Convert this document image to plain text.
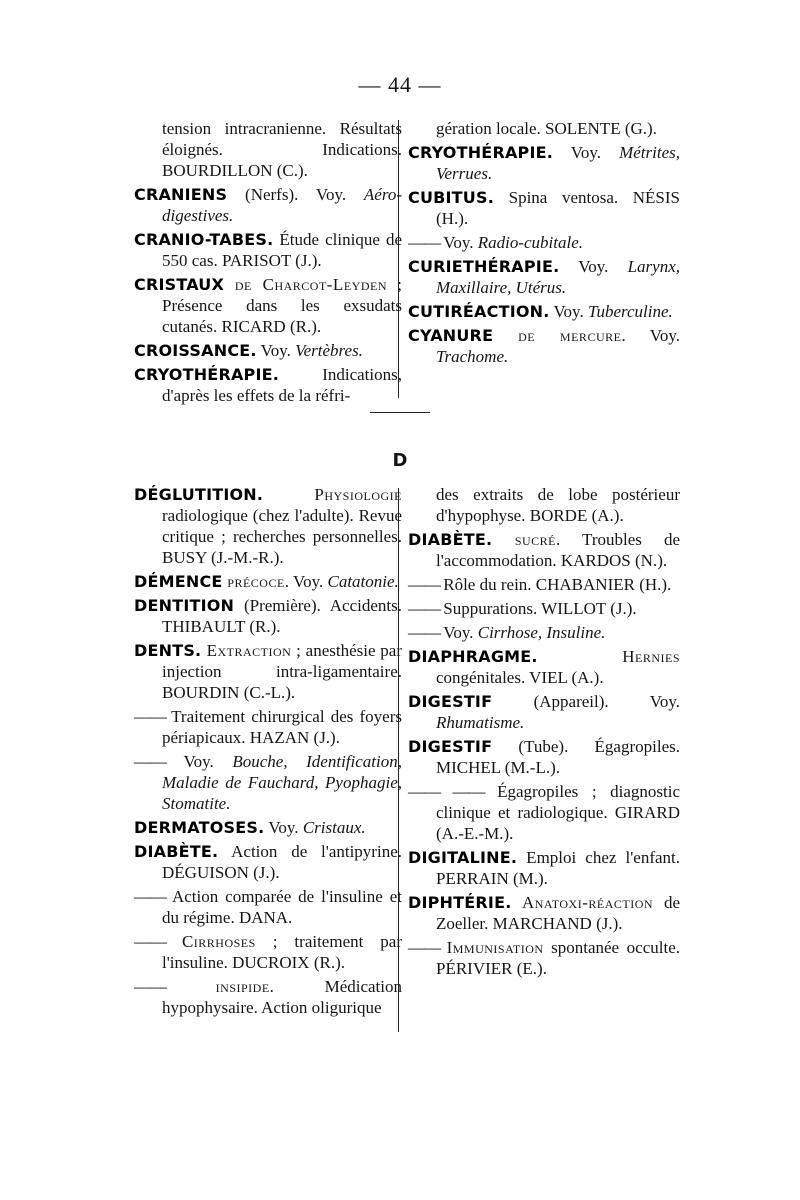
— 44 —

tension intracranienne. Résultats éloignés. Indications. BOURDILLON (C.).

CRANIENS (Nerfs). Voy. Aéro-digestives.

CRANIO-TABES. Étude clinique de 550 cas. PARISOT (J.).

CRISTAUX de Charcot-Leyden ; Présence dans les exsudats cutanés. RICARD (R.).

CROISSANCE. Voy. Vertèbres.

CRYOTHÉRAPIE. Indications, d'après les effets de la réfri-

gération locale. SOLENTE (G.).

CRYOTHÉRAPIE. Voy. Métrites, Verrues.

CUBITUS. Spina ventosa. NÉSIS (H.).

—— Voy. Radio-cubitale.

CURIETHÉRAPIE. Voy. Larynx, Maxillaire, Utérus.

CUTIRÉACTION. Voy. Tuberculine.

CYANURE de mercure. Voy. Trachome.

D

DÉGLUTITION. Physiologie radiologique (chez l'adulte). Revue critique ; recherches personnelles. BUSY (J.-M.-R.).

DÉMENCE précoce. Voy. Catatonie.

DENTITION (Première). Accidents. THIBAULT (R.).

DENTS. Extraction ; anesthésie par injection intra-ligamentaire. BOURDIN (C.-L.).

—— Traitement chirurgical des foyers périapicaux. HAZAN (J.).

—— Voy. Bouche, Identification, Maladie de Fauchard, Pyophagie, Stomatite.

DERMATOSES. Voy. Cristaux.

DIABÈTE. Action de l'antipyrine. DÉGUISON (J.).

—— Action comparée de l'insuline et du régime. DANA.

—— Cirrhoses ; traitement par l'insuline. DUCROIX (R.).

—— insipide. Médication hypophysaire. Action oligurique

des extraits de lobe postérieur d'hypophyse. BORDE (A.).

DIABÈTE. sucré. Troubles de l'accommodation. KARDOS (N.).

—— Rôle du rein. CHABANIER (H.).

—— Suppurations. WILLOT (J.).

—— Voy. Cirrhose, Insuline.

DIAPHRAGME. Hernies congénitales. VIEL (A.).

DIGESTIF (Appareil). Voy. Rhumatisme.

DIGESTIF (Tube). Égagropiles. MICHEL (M.-L.).

—— —— Égagropiles ; diagnostic clinique et radiologique. GIRARD (A.-E.-M.).

DIGITALINE. Emploi chez l'enfant. PERRAIN (M.).

DIPHTÉRIE. Anatoxi-réaction de Zoeller. MARCHAND (J.).

—— Immunisation spontanée occulte. PÉRIVIER (E.).
